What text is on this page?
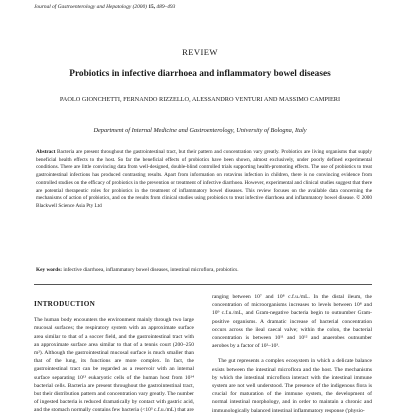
Journal of Gastroenterology and Hepatology (2000) 15, 489–493
REVIEW
Probiotics in infective diarrhoea and inflammatory bowel diseases
PAOLO GIONCHETTI, FERNANDO RIZZELLO, ALESSANDRO VENTURI AND MASSIMO CAMPIERI
Department of Internal Medicine and Gastroenterology, University of Bologna, Italy
Abstract Bacteria are present throughout the gastrointestinal tract, but their pattern and concentration vary greatly. Probiotics are living organisms that supply beneficial health effects to the host. So far the beneficial effects of probiotics have been shown, almost exclusively, under poorly defined experimental conditions. There are little convincing data from well-designed, double-blind controlled trials supporting health-promoting effects. The use of probiotics to treat gastrointestinal infections has produced contrasting results. Apart from information on rotavirus infection in children, there is no convincing evidence from controlled studies on the efficacy of probiotics in the prevention or treatment of infective diarrhoea. However, experimental and clinical studies suggest that there are potential therapeutic roles for probiotics in the treatment of inflammatory bowel diseases. This review focuses on the available data concerning the mechanisms of action of probiotics, and on the results from clinical studies using probiotics to treat infective diarrhoea and inflammatory bowel disease. © 2000 Blackwell Science Asia Pty Ltd
Key words: infective diarrhoea, inflammatory bowel diseases, intestinal microflora, probiotics.
INTRODUCTION

The human body encounters the environment mainly through two large mucosal surfaces; the respiratory system with an approximate surface area similar to that of a soccer field, and the gastrointestinal tract with an approximate surface area similar to that of a tennis court (200–250 m²). Although the gastrointestinal mucosal surface is much smaller than that of the lung, its functions are more complex. In fact, the gastrointestinal tract can be regarded as a reservoir with an internal surface separating 10¹³ eukaryotic cells of the human host from 10¹⁴ bacterial cells. Bacteria are present throughout the gastrointestinal tract, but their distribution pattern and concentration vary greatly. The number of ingested bacteria is reduced dramatically by contact with gastric acid, and the stomach normally contains few bacteria (<10³ c.f.u./mL) that are

ranging between 10⁷ and 10⁸ c.f.u./mL. In the distal ileum, the concentration of microorganisms increases to levels between 10⁸ and 10⁹ c.f.u./mL, and Gram-negative bacteria begin to outnumber Gram-positive organisms. A dramatic increase of bacterial concentration occurs across the ileal caecal valve; within the colon, the bacterial concentration is between 10¹¹ and 10¹² and anaerobes outnumber aerobes by a factor of 10²–10³.

The gut represents a complex ecosystem in which a delicate balance exists between the intestinal microflora and the host. The mechanisms by which the intestinal microflora interact with the intestinal immune system are not well understood. The presence of the indigenous flora is crucial for maturation of the immune system, the development of normal intestinal morphology, and in order to maintain a chronic and immunologically balanced intestinal inflammatory response ('physio-
